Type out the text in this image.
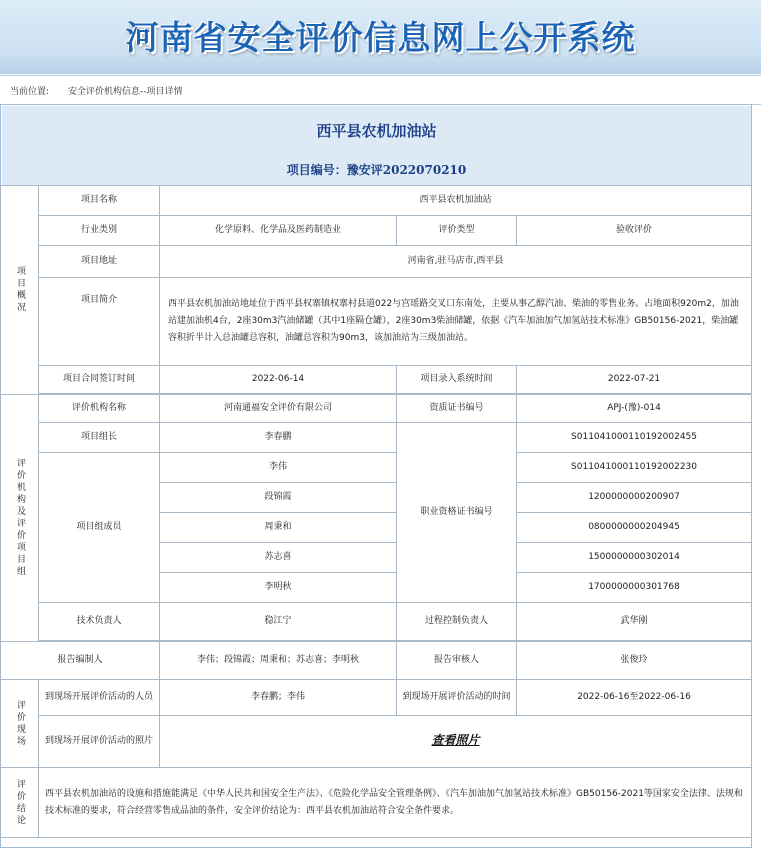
河南省安全评价信息网上公开系统
当前位置: 安全评价机构信息--项目详情
西平县农机加油站
项目编号：豫安评2022070210
项目概况	项目名称	西平县农机加油站		
	行业类别	化学原料、化学品及医药制造业	评价类型	验收评价
	项目地址	河南省,驻马店市,西平县		
	项目简介	西平县农机加油站地址位于西平县权寨镇权寨村县道022与宫瑶路交叉口东南处，主要从事乙醇汽油、柴油的零售业务。占地面积920m2，加油站建加油机4台，2座30m3汽油储罐（其中1座隔仓罐），2座30m3柴油储罐，依据《汽车加油加气加氢站技术标准》GB50156-2021，柴油罐容积折半计入总油罐总容积，油罐总容积为90m3，该加油站为三级加油站。		
	项目合同签订时间	2022-06-14	项目录入系统时间	2022-07-21

评价机构及评价项目组	评价机构名称	河南通福安全评价有限公司	资质证书编号	APJ-(豫)-014
	项目组长	李春鹏	职业资格证书编号	S011041000110192002455
	项目组成员	李伟		S011041000110192002230
		段锦霞		1200000000200907
		周秉和		0800000000204945
		苏志喜		1500000000302014
		李明秋		1700000000301768
	技术负责人	稳江宁	过程控制负责人	武华刚

报告编制人		李伟；段锦霞；周秉和；苏志喜；李明秋	报告审核人	张俊玲

评价现场	到现场开展评价活动的人员	李春鹏；李伟	到现场开展评价活动的时间	2022-06-16至2022-06-16
	到现场开展评价活动的照片	查看照片		

评价结论	西平县农机加油站的设施和措施能满足《中华人民共和国安全生产法》、《危险化学品安全管理条例》、《汽车加油加气加氢站技术标准》GB50156-2021等国家安全法律、法规和技术标准的要求，符合经营零售成品油的条件，安全评价结论为：西平县农机加油站符合安全条件要求。			
